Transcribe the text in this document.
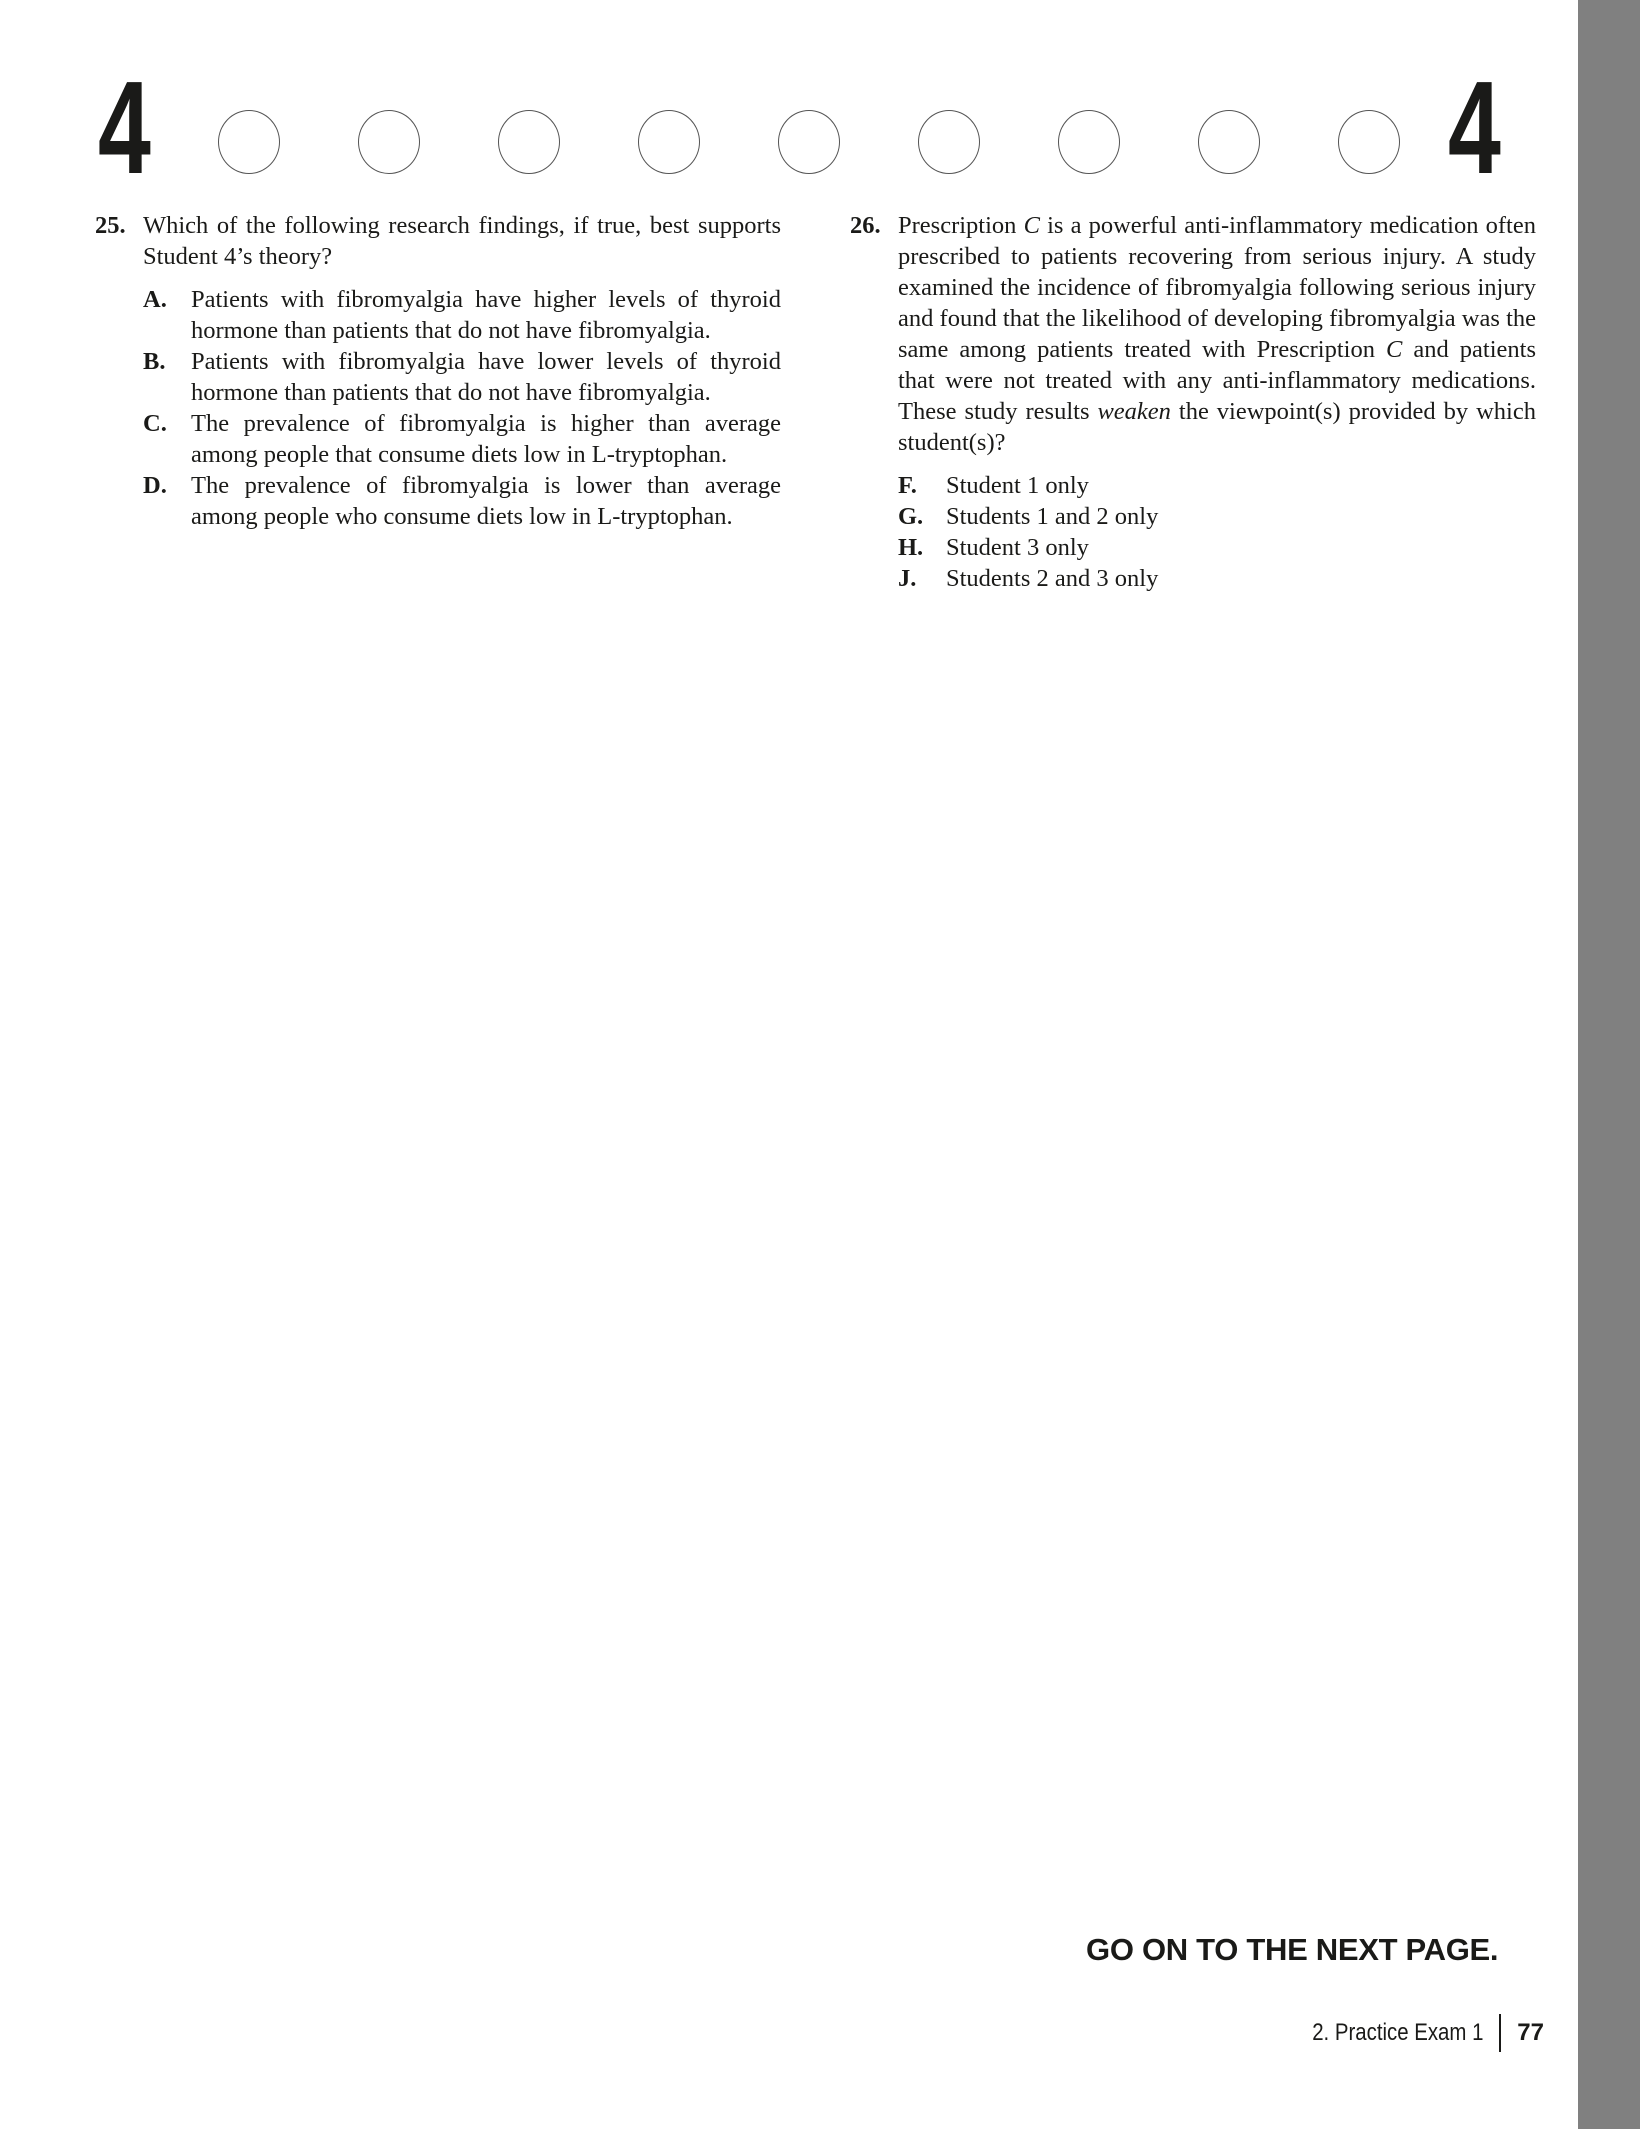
4	4
25. Which of the following research findings, if true, best supports Student 4’s theory?
A. Patients with fibromyalgia have higher levels of thyroid hormone than patients that do not have fibromyalgia.
B. Patients with fibromyalgia have lower levels of thyroid hormone than patients that do not have fibromyalgia.
C. The prevalence of fibromyalgia is higher than average among people that consume diets low in L-tryptophan.
D. The prevalence of fibromyalgia is lower than average among people who consume diets low in L-tryptophan.
26. Prescription C is a powerful anti-inflammatory medication often prescribed to patients recovering from serious injury. A study examined the incidence of fibromyalgia following serious injury and found that the likelihood of developing fibromyalgia was the same among patients treated with Prescription C and patients that were not treated with any anti-inflammatory medications. These study results weaken the viewpoint(s) provided by which student(s)?
F. Student 1 only
G. Students 1 and 2 only
H. Student 3 only
J. Students 2 and 3 only
GO ON TO THE NEXT PAGE.
2. Practice Exam 1 77
